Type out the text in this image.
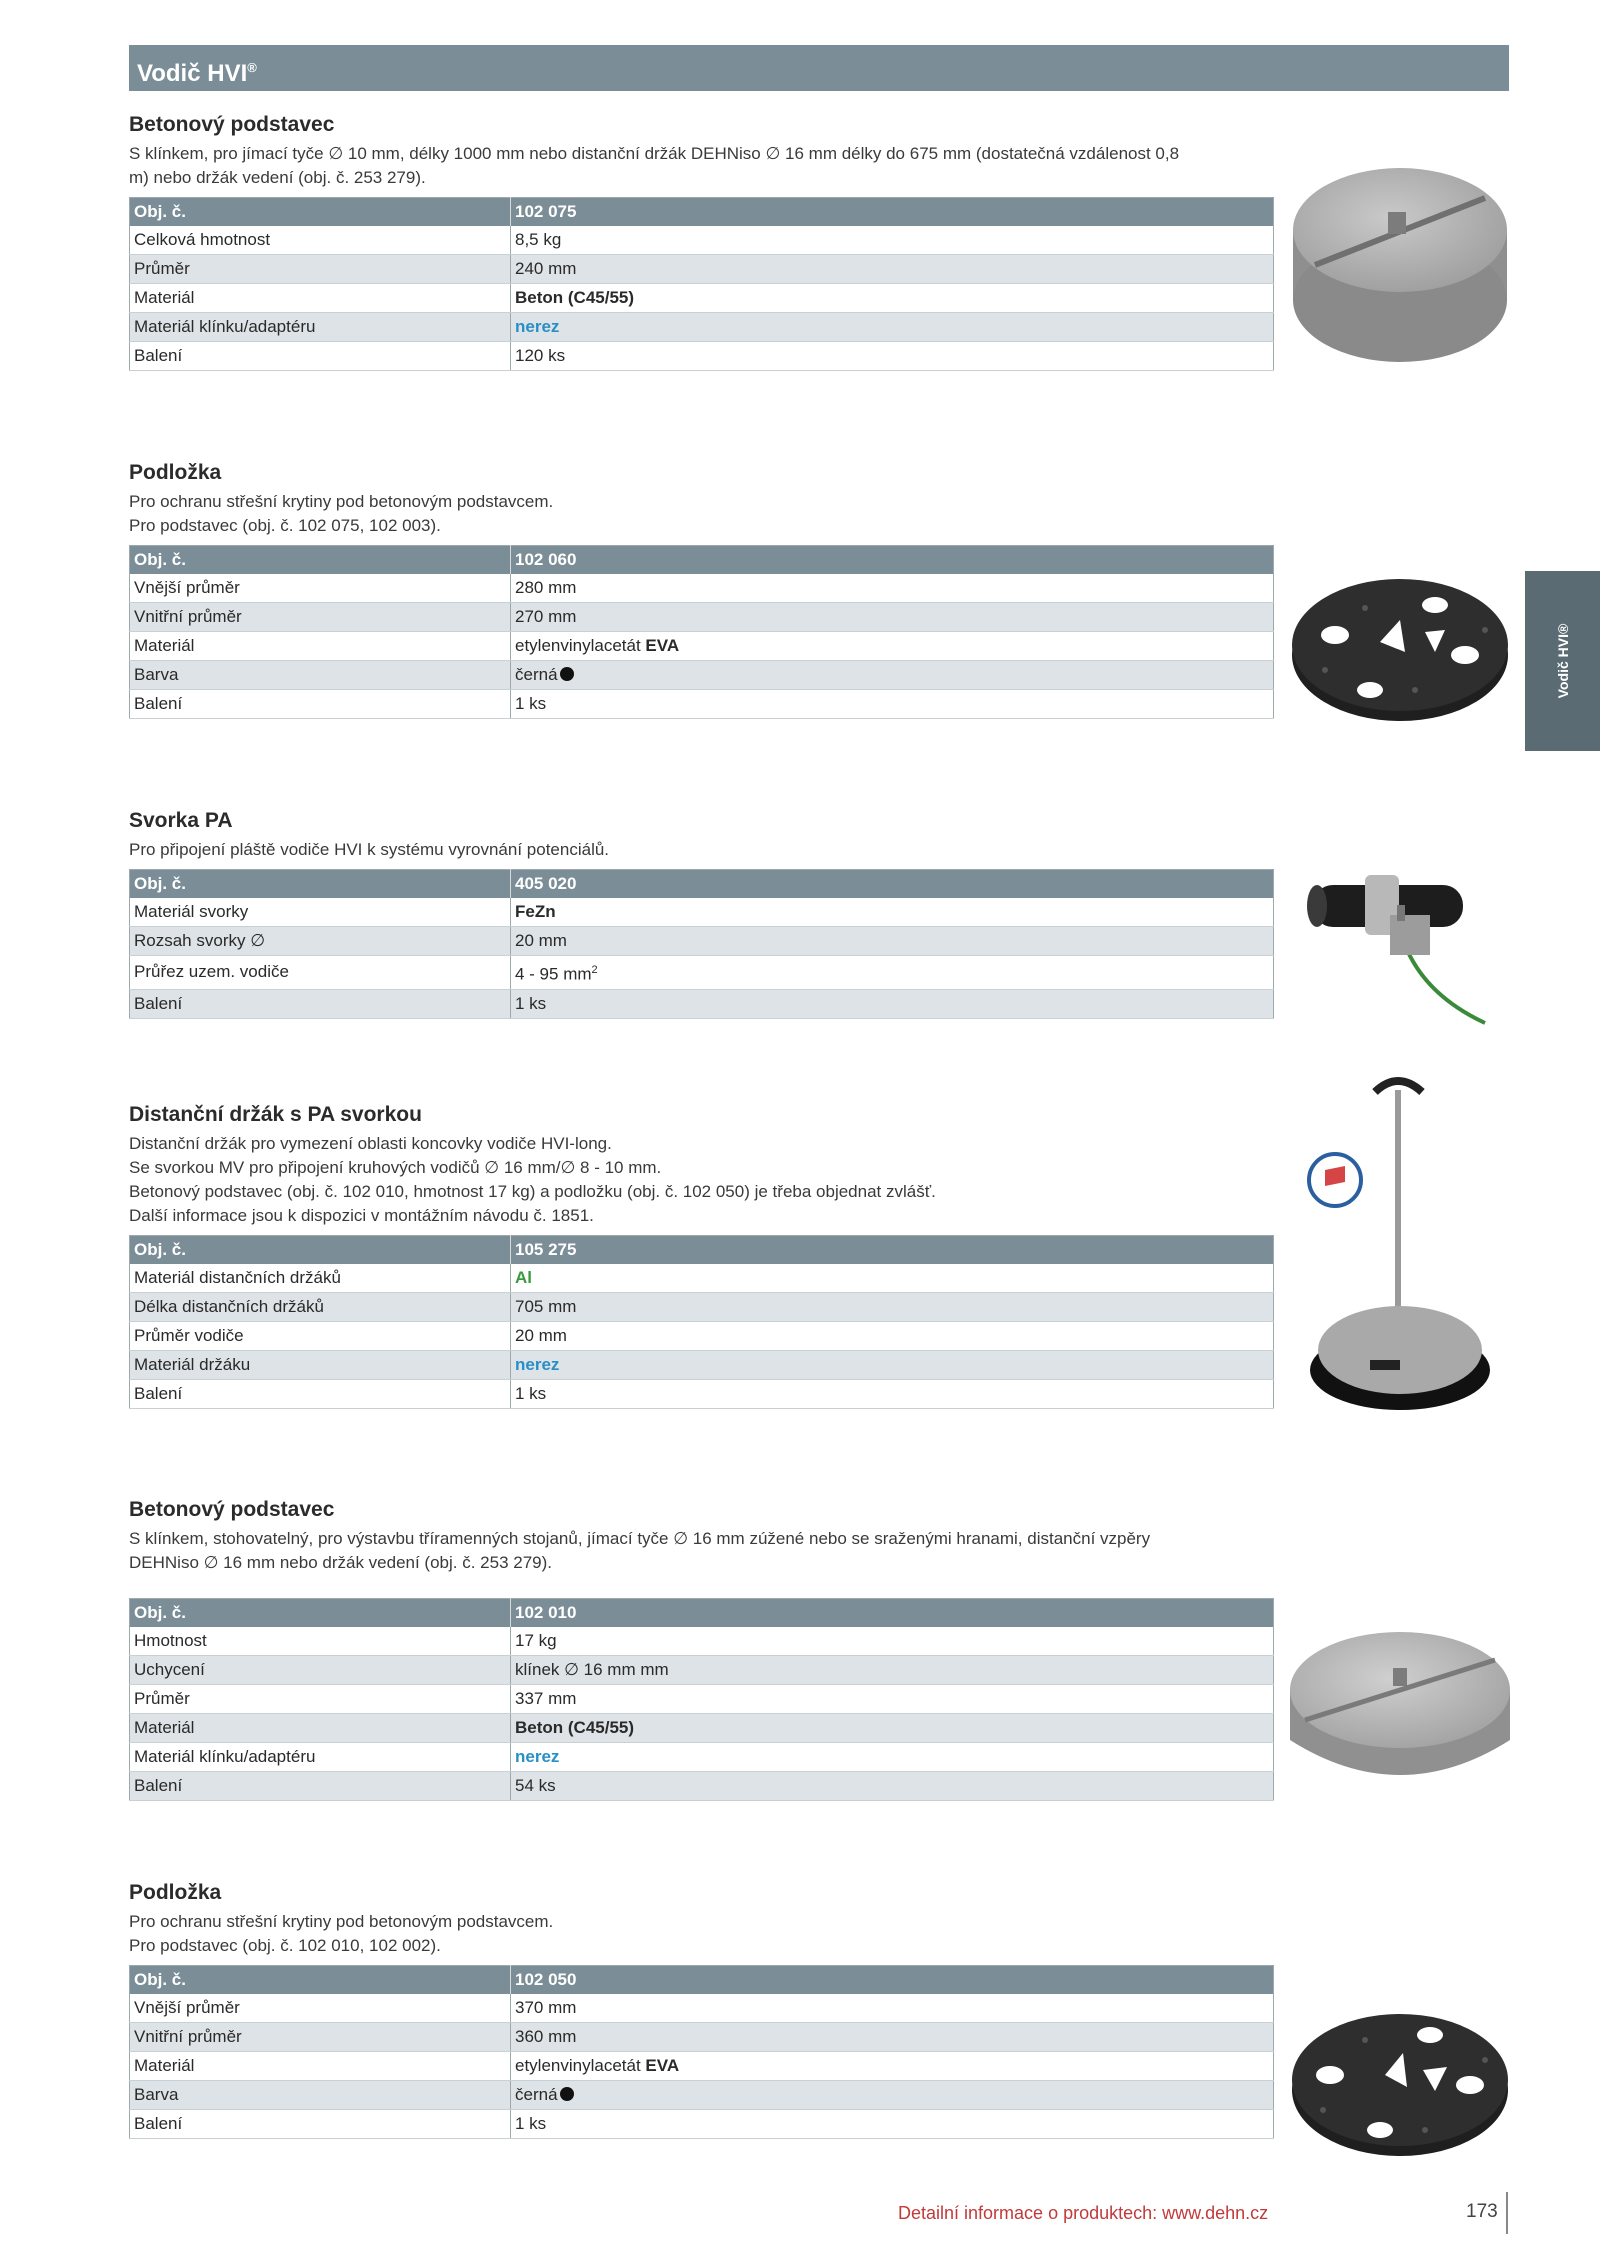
Vodič HVI®
Vodič HVI®
Betonový podstavec
S klínkem, pro jímací tyče ∅ 10 mm, délky 1000 mm nebo distanční držák DEHNiso ∅ 16 mm délky do 675 mm (dostatečná vzdálenost 0,8
m) nebo držák vedení (obj. č. 253 279).
Obj. č.	102 075
Celková hmotnost	8,5 kg
Průměr	240 mm
Materiál	Beton (C45/55)
Materiál klínku/adaptéru	nerez
Balení	120 ks
Podložka
Pro ochranu střešní krytiny pod betonovým podstavcem.
Pro podstavec (obj. č. 102 075, 102 003).
Obj. č.	102 060
Vnější průměr	280 mm
Vnitřní průměr	270 mm
Materiál	etylenvinylacetát EVA
Barva	černá
Balení	1 ks
Svorka PA
Pro připojení pláště vodiče HVI k systému vyrovnání potenciálů.
Obj. č.	405 020
Materiál svorky	FeZn
Rozsah svorky ∅	20 mm
Průřez uzem. vodiče	4 - 95 $mm^2$
Balení	1 ks
Distanční držák s PA svorkou
Distanční držák pro vymezení oblasti koncovky vodiče HVI-long.
Se svorkou MV pro připojení kruhových vodičů ∅ 16 mm/∅ 8 - 10 mm.
Betonový podstavec (obj. č. 102 010, hmotnost 17 kg) a podložku (obj. č. 102 050) je třeba objednat zvlášť.
Další informace jsou k dispozici v montážním návodu č. 1851.
Obj. č.	105 275
Materiál distančních držáků	Al
Délka distančních držáků	705 mm
Průměr vodiče	20 mm
Materiál držáku	nerez
Balení	1 ks
Betonový podstavec
S klínkem, stohovatelný, pro výstavbu tříramenných stojanů, jímací tyče ∅ 16 mm zúžené nebo se sraženými hranami, distanční vzpěry
DEHNiso ∅ 16 mm nebo držák vedení (obj. č. 253 279).
Obj. č.	102 010
Hmotnost	17 kg
Uchycení	klínek ∅ 16 mm mm
Průměr	337 mm
Materiál	Beton (C45/55)
Materiál klínku/adaptéru	nerez
Balení	54 ks
Podložka
Pro ochranu střešní krytiny pod betonovým podstavcem.
Pro podstavec (obj. č. 102 010, 102 002).
Obj. č.	102 050
Vnější průměr	370 mm
Vnitřní průměr	360 mm
Materiál	etylenvinylacetát EVA
Barva	černá
Balení	1 ks
Detailní informace o produktech: www.dehn.cz	173
